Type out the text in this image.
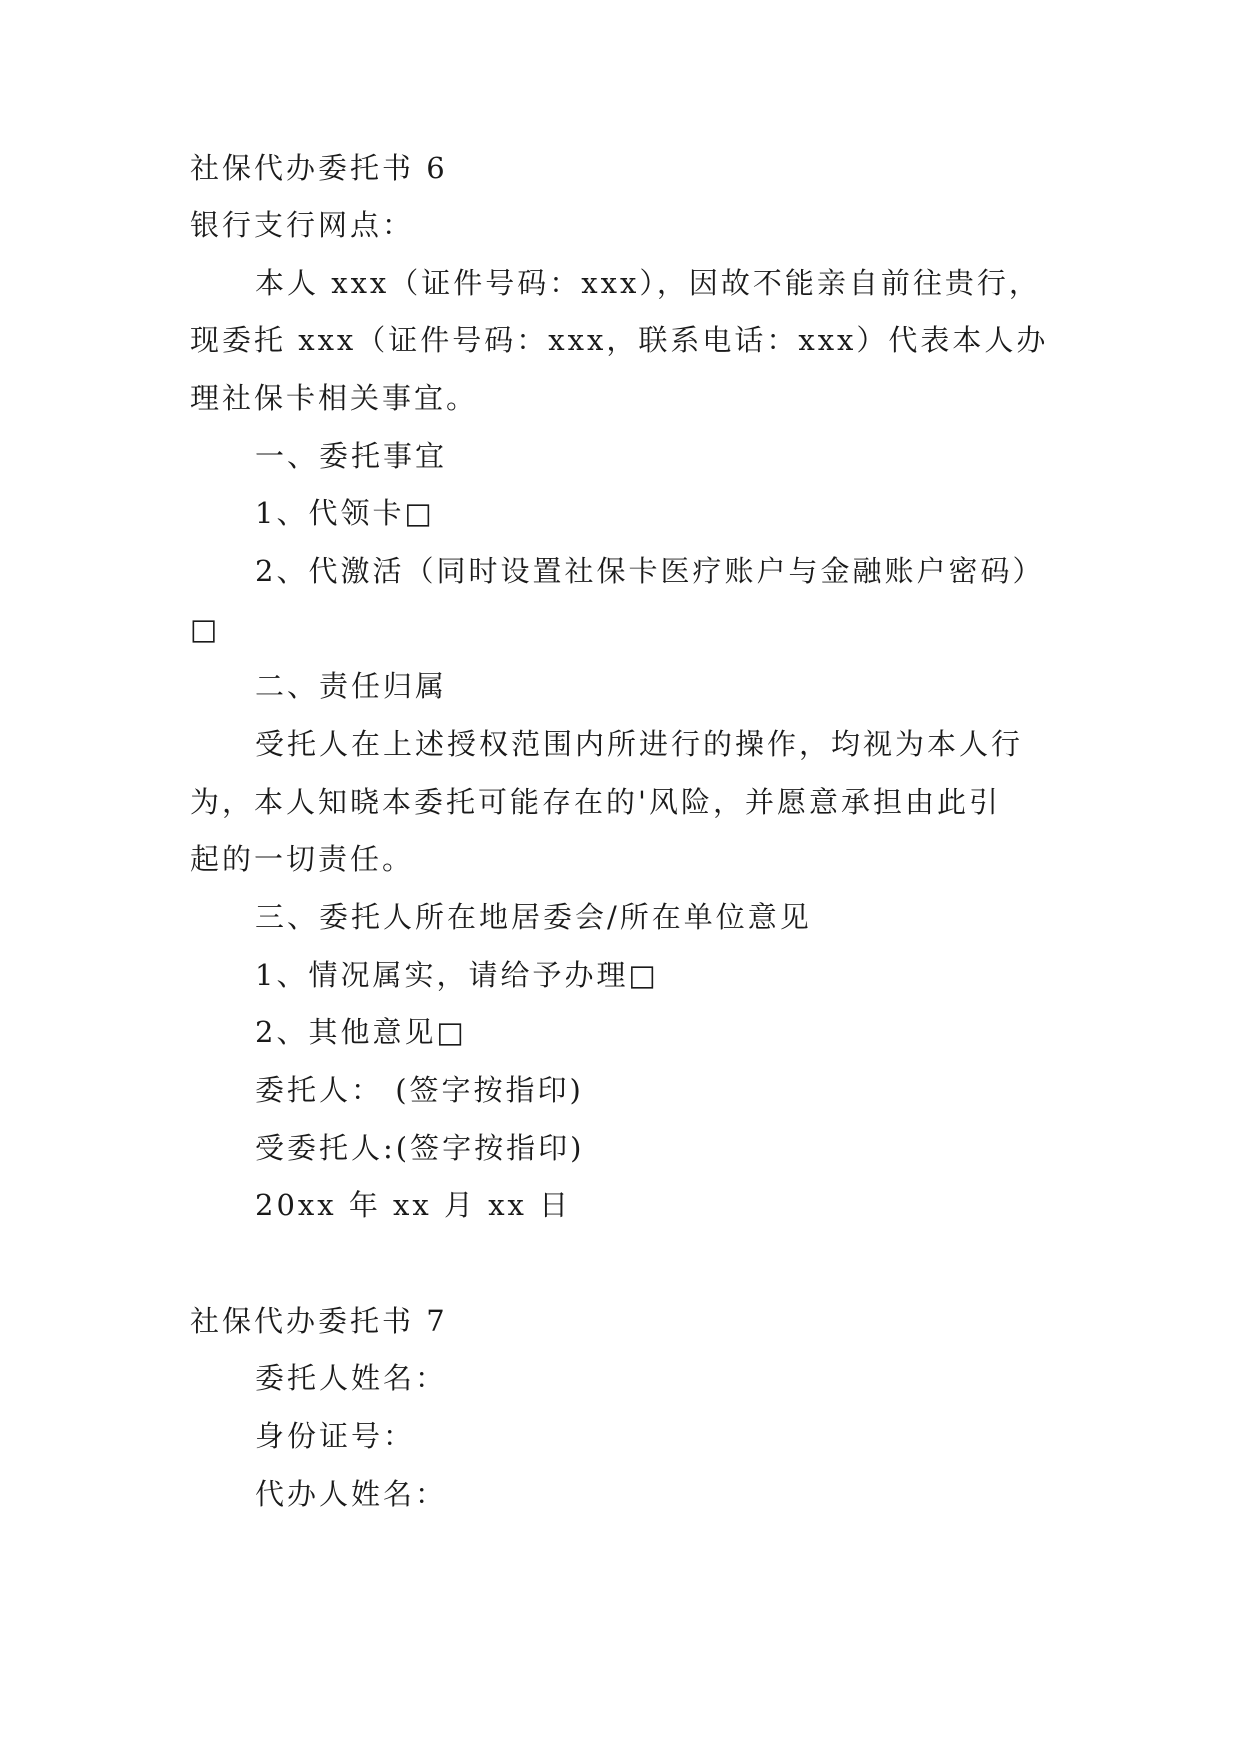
社保代办委托书 6
银行支行网点：
本人 xxx（证件号码：xxx），因故不能亲自前往贵行，
现委托 xxx（证件号码：xxx，联系电话：xxx）代表本人办
理社保卡相关事宜。
一、委托事宜
1、代领卡□
2、代激活（同时设置社保卡医疗账户与金融账户密码）
□
二、责任归属
受托人在上述授权范围内所进行的操作，均视为本人行
为，本人知晓本委托可能存在的'风险，并愿意承担由此引
起的一切责任。
三、委托人所在地居委会/所在单位意见
1、情况属实，请给予办理□
2、其他意见□
委托人： (签字按指印)
受委托人:(签字按指印)
20xx 年 xx 月 xx 日
社保代办委托书 7
委托人姓名：
身份证号：
代办人姓名：
